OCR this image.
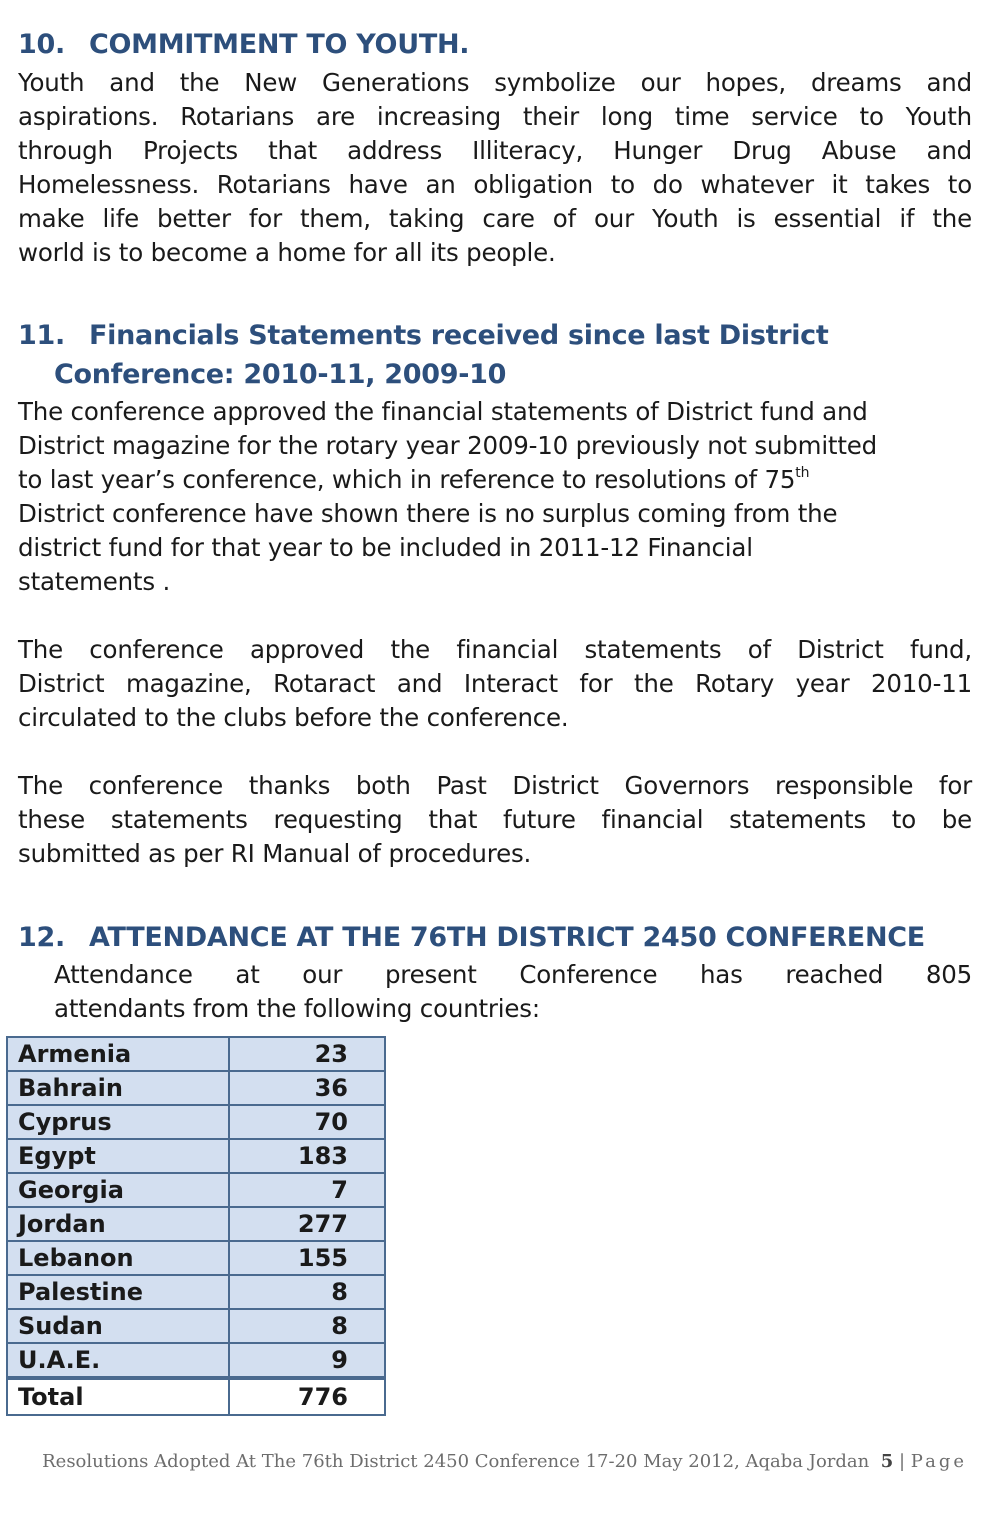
10. COMMITMENT TO YOUTH.

Youth and the New Generations symbolize our hopes, dreams and
aspirations. Rotarians are increasing their long time service to Youth
through Projects that address Illiteracy, Hunger Drug Abuse and
Homelessness. Rotarians have an obligation to do whatever it takes to
make life better for them, taking care of our Youth is essential if the
world is to become a home for all its people.

11. Financials Statements received since last District
Conference: 2010-11, 2009-10

The conference approved the financial statements of District fund and
District magazine for the rotary year 2009-10 previously not submitted
to last year’s conference, which in reference to resolutions of 75th
District conference have shown there is no surplus coming from the
district fund for that year to be included in 2011-12 Financial
statements .

The conference approved the financial statements of District fund,
District magazine, Rotaract and Interact for the Rotary year 2010-11
circulated to the clubs before the conference.

The conference thanks both Past District Governors responsible for
these statements requesting that future financial statements to be
submitted as per RI Manual of procedures.

12. ATTENDANCE AT THE 76TH DISTRICT 2450 CONFERENCE

Attendance at our present Conference has reached 805
attendants from the following countries:

Armenia	23
Bahrain	36
Cyprus	70
Egypt	183
Georgia	7
Jordan	277
Lebanon	155
Palestine	8
Sudan	8
U.A.E.	9
Total	776

Resolutions Adopted At The 76th District 2450 Conference 17-20 May 2012, Aqaba Jordan 5 | Page
